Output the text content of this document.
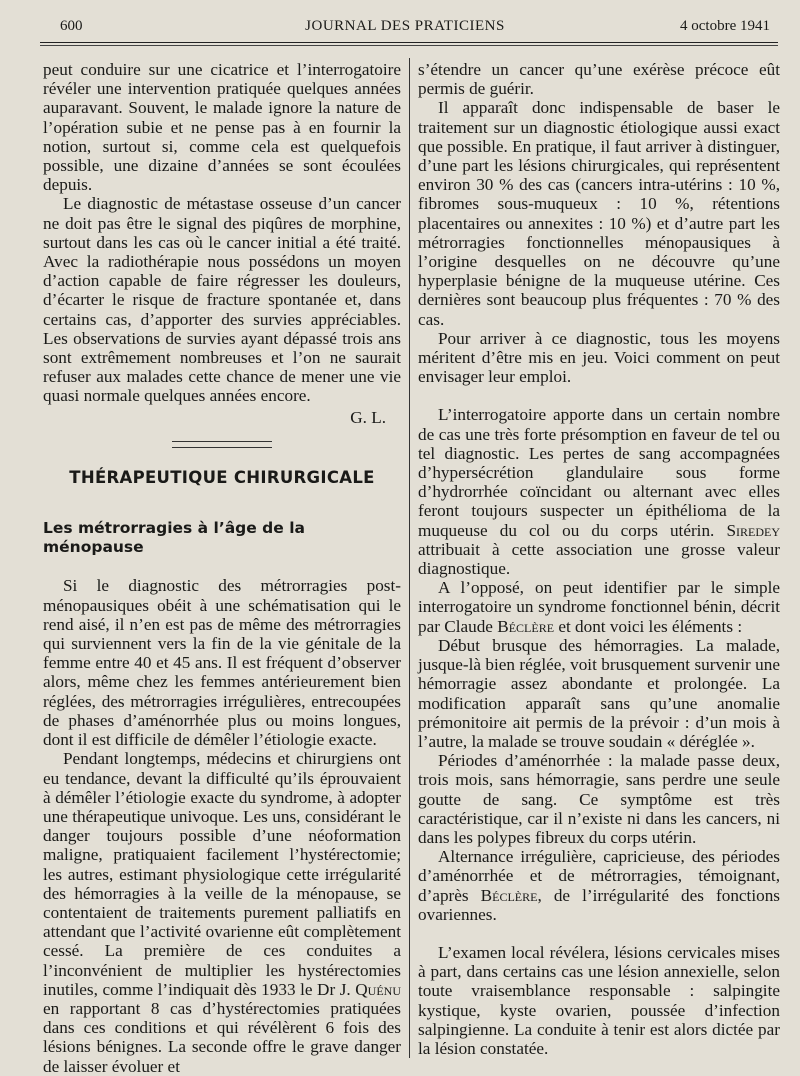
600	JOURNAL DES PRATICIENS	4 octobre 1941

peut conduire sur une cicatrice et l’interrogatoire révéler une intervention pratiquée quelques années auparavant. Souvent, le malade ignore la nature de l’opération subie et ne pense pas à en fournir la notion, surtout si, comme cela est quelquefois possible, une dizaine d’années se sont écoulées depuis.

Le diagnostic de métastase osseuse d’un cancer ne doit pas être le signal des piqûres de morphine, surtout dans les cas où le cancer initial a été traité. Avec la radiothérapie nous possédons un moyen d’action capable de faire régresser les douleurs, d’écarter le risque de fracture spontanée et, dans certains cas, d’apporter des survies appréciables. Les observations de survies ayant dépassé trois ans sont extrêmement nombreuses et l’on ne saurait refuser aux malades cette chance de mener une vie quasi normale quelques années encore.

G. L.
THÉRAPEUTIQUE CHIRURGICALE
Les métrorragies à l’âge de la ménopause

Si le diagnostic des métrorragies post-ménopausiques obéit à une schématisation qui le rend aisé, il n’en est pas de même des métrorragies qui surviennent vers la fin de la vie génitale de la femme entre 40 et 45 ans. Il est fréquent d’observer alors, même chez les femmes antérieurement bien réglées, des métrorragies irrégulières, entrecoupées de phases d’aménorrhée plus ou moins longues, dont il est difficile de démêler l’étiologie exacte.

Pendant longtemps, médecins et chirurgiens ont eu tendance, devant la difficulté qu’ils éprouvaient à démêler l’étiologie exacte du syndrome, à adopter une thérapeutique univoque. Les uns, considérant le danger toujours possible d’une néoformation maligne, pratiquaient facilement l’hystérectomie; les autres, estimant physiologique cette irrégularité des hémorragies à la veille de la ménopause, se contentaient de traitements purement palliatifs en attendant que l’activité ovarienne eût complètement cessé. La première de ces conduites a l’inconvénient de multiplier les hystérectomies inutiles, comme l’indiquait dès 1933 le Dr J. Quénu en rapportant 8 cas d’hystérectomies pratiquées dans ces conditions et qui révélèrent 6 fois des lésions bénignes. La seconde offre le grave danger de laisser évoluer et

s’étendre un cancer qu’une exérèse précoce eût permis de guérir.

Il apparaît donc indispensable de baser le traitement sur un diagnostic étiologique aussi exact que possible. En pratique, il faut arriver à distinguer, d’une part les lésions chirurgicales, qui représentent environ 30 % des cas (cancers intra-utérins : 10 %, fibromes sous-muqueux : 10 %, rétentions placentaires ou annexites : 10 %) et d’autre part les métrorragies fonctionnelles ménopausiques à l’origine desquelles on ne découvre qu’une hyperplasie bénigne de la muqueuse utérine. Ces dernières sont beaucoup plus fréquentes : 70 % des cas.

Pour arriver à ce diagnostic, tous les moyens méritent d’être mis en jeu. Voici comment on peut envisager leur emploi.

L’interrogatoire apporte dans un certain nombre de cas une très forte présomption en faveur de tel ou tel diagnostic. Les pertes de sang accompagnées d’hypersécrétion glandulaire sous forme d’hydrorrhée coïncidant ou alternant avec elles feront toujours suspecter un épithélioma de la muqueuse du col ou du corps utérin. Siredey attribuait à cette association une grosse valeur diagnostique.

A l’opposé, on peut identifier par le simple interrogatoire un syndrome fonctionnel bénin, décrit par Claude Béclère et dont voici les éléments :

Début brusque des hémorragies. La malade, jusque-là bien réglée, voit brusquement survenir une hémorragie assez abondante et prolongée. La modification apparaît sans qu’une anomalie prémonitoire ait permis de la prévoir : d’un mois à l’autre, la malade se trouve soudain « déréglée ».

Périodes d’aménorrhée : la malade passe deux, trois mois, sans hémorragie, sans perdre une seule goutte de sang. Ce symptôme est très caractéristique, car il n’existe ni dans les cancers, ni dans les polypes fibreux du corps utérin.

Alternance irrégulière, capricieuse, des périodes d’aménorrhée et de métrorragies, témoignant, d’après Béclère, de l’irrégularité des fonctions ovariennes.

L’examen local révélera, lésions cervicales mises à part, dans certains cas une lésion annexielle, selon toute vraisemblance responsable : salpingite kystique, kyste ovarien, poussée d’infection salpingienne. La conduite à tenir est alors dictée par la lésion constatée.
